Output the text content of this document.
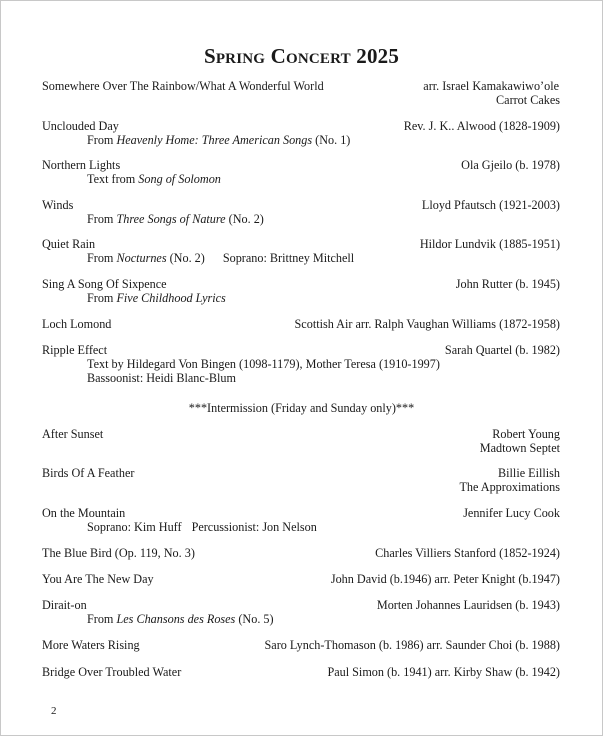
Spring Concert 2025
Somewhere Over The Rainbow/What A Wonderful World	arr. Israel Kamakawiwo’ole
Carrot Cakes
Unclouded Day	Rev. J. K.. Alwood (1828-1909)
From Heavenly Home: Three American Songs (No. 1)
Northern Lights	Ola Gjeilo (b. 1978)
Text from Song of Solomon
Winds	Lloyd Pfautsch (1921-2003)
From Three Songs of Nature (No. 2)
Quiet Rain	Hildor Lundvik (1885-1951)
From Nocturnes (No. 2) Soprano: Brittney Mitchell
Sing A Song Of Sixpence	John Rutter (b. 1945)
From Five Childhood Lyrics
Loch Lomond	Scottish Air arr. Ralph Vaughan Williams (1872-1958)
Ripple Effect	Sarah Quartel (b. 1982)
Text by Hildegard Von Bingen (1098-1179), Mother Teresa (1910-1997)
Bassoonist: Heidi Blanc-Blum
***Intermission (Friday and Sunday only)***
After Sunset	Robert Young
Madtown Septet
Birds Of A Feather	Billie Eillish
The Approximations
On the Mountain	Jennifer Lucy Cook
Soprano: Kim Huff Percussionist: Jon Nelson
The Blue Bird (Op. 119, No. 3)	Charles Villiers Stanford (1852-1924)
You Are The New Day	John David (b.1946) arr. Peter Knight (b.1947)
Dirait-on	Morten Johannes Lauridsen (b. 1943)
From Les Chansons des Roses (No. 5)
More Waters Rising	Saro Lynch-Thomason (b. 1986) arr. Saunder Choi (b. 1988)
Bridge Over Troubled Water	Paul Simon (b. 1941) arr. Kirby Shaw (b. 1942)
2
